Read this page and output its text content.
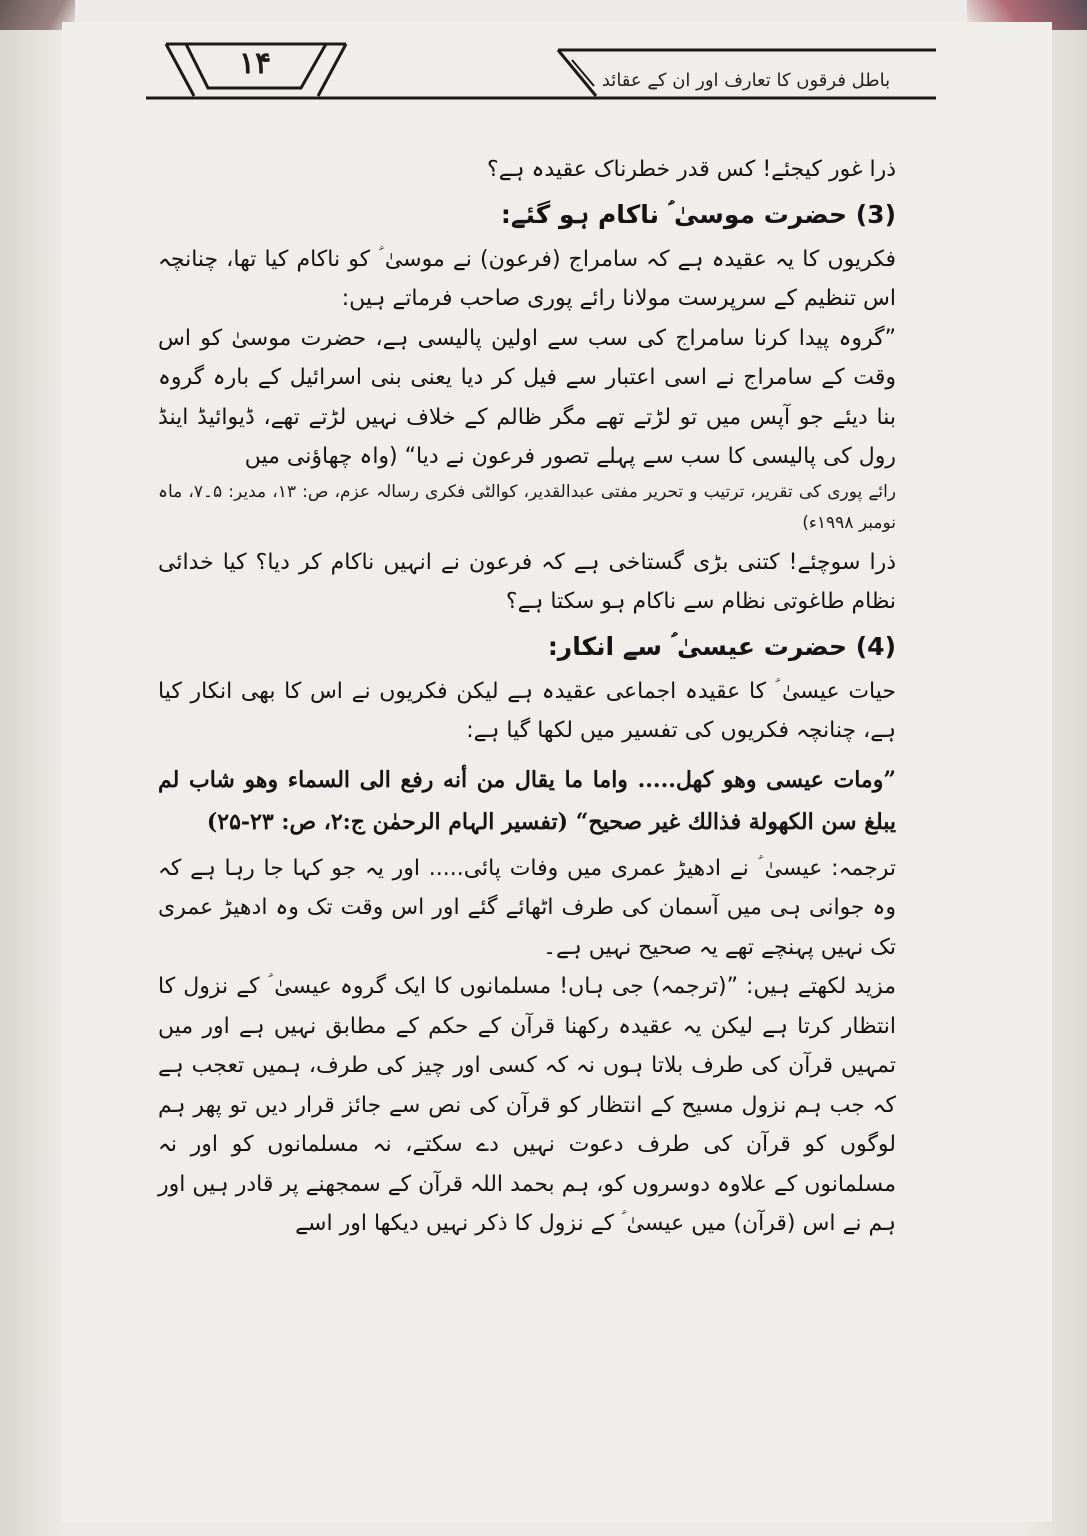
۱۴	باطل فرقوں کا تعارف اور ان کے عقائد

ذرا غور کیجئے! کس قدر خطرناک عقیدہ ہے؟

(3) حضرت موسیٰ ؑ ناکام ہو گئے:

فکریوں کا یہ عقیدہ ہے کہ سامراج (فرعون) نے موسیٰ ؑ کو ناکام کیا تھا، چنانچہ اس تنظیم کے سرپرست مولانا رائے پوری صاحب فرماتے ہیں:

”گروہ پیدا کرنا سامراج کی سب سے اولین پالیسی ہے، حضرت موسیٰ کو اس وقت کے سامراج نے اسی اعتبار سے فیل کر دیا یعنی بنی اسرائیل کے بارہ گروہ بنا دیئے جو آپس میں تو لڑتے تھے مگر ظالم کے خلاف نہیں لڑتے تھے، ڈیوائیڈ اینڈ رول کی پالیسی کا سب سے پہلے تصور فرعون نے دیا“ (واہ چھاؤنی میں

رائے پوری کی تقریر، ترتیب و تحریر مفتی عبدالقدیر، کوالٹی فکری رسالہ عزم، ص: ۱۳، مدیر: ۵۔۷، ماہ نومبر ۱۹۹۸ء)

ذرا سوچئے! کتنی بڑی گستاخی ہے کہ فرعون نے انہیں ناکام کر دیا؟ کیا خدائی نظام طاغوتی نظام سے ناکام ہو سکتا ہے؟

(4) حضرت عیسیٰ ؑ سے انکار:

حیات عیسیٰ ؑ کا عقیدہ اجماعی عقیدہ ہے لیکن فکریوں نے اس کا بھی انکار کیا ہے، چنانچہ فکریوں کی تفسیر میں لکھا گیا ہے:

”ومات عيسى وهو كهل..... واما ما يقال من أنه رفع الى السماء وهو شاب لم يبلغ سن الكهولة فذالك غير صحيح“ (تفسیر الہام الرحمٰن ج:۲، ص: ۲۳-۲۵)

ترجمہ: عیسیٰ ؑ نے ادھیڑ عمری میں وفات پائی..... اور یہ جو کہا جا رہا ہے کہ وہ جوانی ہی میں آسمان کی طرف اٹھائے گئے اور اس وقت تک وہ ادھیڑ عمری تک نہیں پہنچے تھے یہ صحیح نہیں ہے۔

مزید لکھتے ہیں: ”(ترجمہ) جی ہاں! مسلمانوں کا ایک گروہ عیسیٰ ؑ کے نزول کا انتظار کرتا ہے لیکن یہ عقیدہ رکھنا قرآن کے حکم کے مطابق نہیں ہے اور میں تمہیں قرآن کی طرف بلاتا ہوں نہ کہ کسی اور چیز کی طرف، ہمیں تعجب ہے کہ جب ہم نزول مسیح کے انتظار کو قرآن کی نص سے جائز قرار دیں تو پھر ہم لوگوں کو قرآن کی طرف دعوت نہیں دے سکتے، نہ مسلمانوں کو اور نہ مسلمانوں کے علاوہ دوسروں کو، ہم بحمد اللہ قرآن کے سمجھنے پر قادر ہیں اور ہم نے اس (قرآن) میں عیسیٰ ؑ کے نزول کا ذکر نہیں دیکھا اور اسے
